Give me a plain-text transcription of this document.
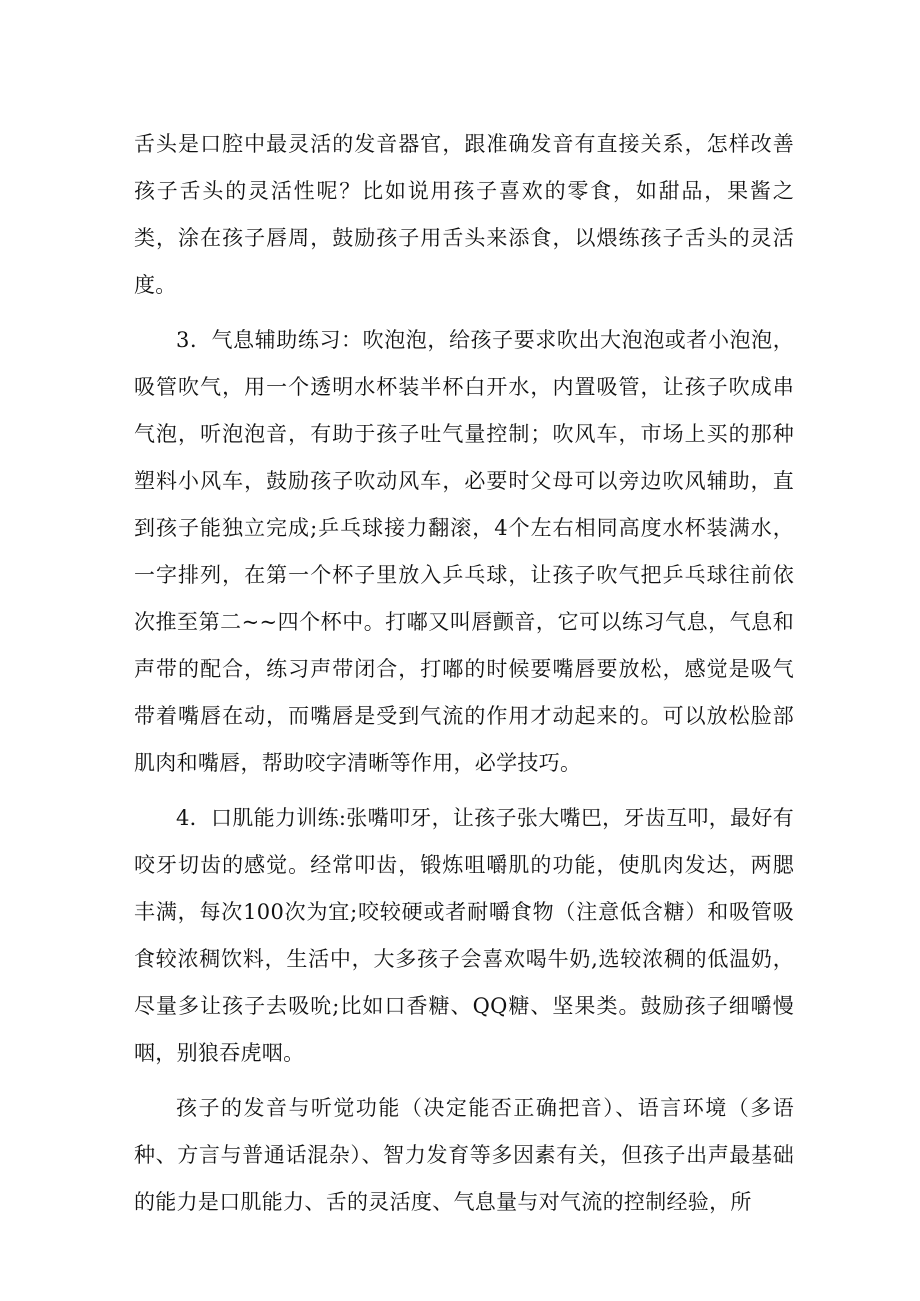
舌头是口腔中最灵活的发音器官，跟准确发音有直接关系，怎样改善孩子舌头的灵活性呢？比如说用孩子喜欢的零食，如甜品，果酱之类，涂在孩子唇周，鼓励孩子用舌头来添食，以煨练孩子舌头的灵活度。

3．气息辅助练习：吹泡泡，给孩子要求吹出大泡泡或者小泡泡，吸管吹气，用一个透明水杯装半杯白开水，内置吸管，让孩子吹成串气泡，听泡泡音，有助于孩子吐气量控制；吹风车，市场上买的那种塑料小风车，鼓励孩子吹动风车，必要时父母可以旁边吹风辅助，直到孩子能独立完成;乒乓球接力翻滚，4个左右相同高度水杯装满水，一字排列，在第一个杯子里放入乒乓球，让孩子吹气把乒乓球往前依次推至第二~~四个杯中。打嘟又叫唇颤音，它可以练习气息，气息和声带的配合，练习声带闭合，打嘟的时候要嘴唇要放松，感觉是吸气带着嘴唇在动，而嘴唇是受到气流的作用才动起来的。可以放松脸部肌肉和嘴唇，帮助咬字清晰等作用，必学技巧。

4．口肌能力训练:张嘴叩牙，让孩子张大嘴巴，牙齿互叩，最好有咬牙切齿的感觉。经常叩齿，锻炼咀嚼肌的功能，使肌肉发达，两腮丰满，每次100次为宜;咬较硬或者耐嚼食物（注意低含糖）和吸管吸食较浓稠饮料，生活中，大多孩子会喜欢喝牛奶,选较浓稠的低温奶，尽量多让孩子去吸吮;比如口香糖、QQ糖、坚果类。鼓励孩子细嚼慢咽，别狼吞虎咽。

孩子的发音与听觉功能（决定能否正确把音）、语言环境（多语种、方言与普通话混杂）、智力发育等多因素有关，但孩子出声最基础的能力是口肌能力、舌的灵活度、气息量与对气流的控制经验，所
